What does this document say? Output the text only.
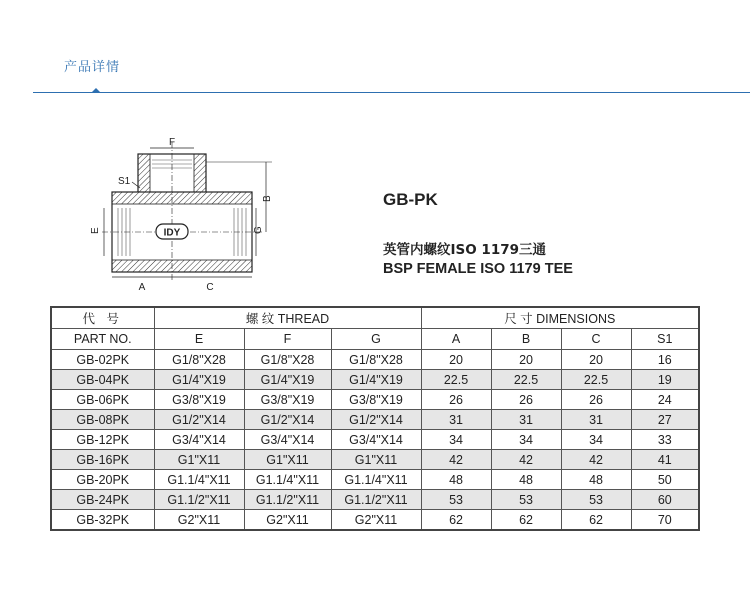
产品详情
IDY
F
S1
B
G
E
A	C
GB-PK
英管内螺纹ISO 1179三通
BSP FEMALE ISO 1179 TEE
代 号	螺 纹 THREAD			尺 寸 DIMENSIONS			
PART NO.	E	F	G	A	B	C	S1
GB-02PK	G1/8"X28	G1/8"X28	G1/8"X28	20	20	20	16
GB-04PK	G1/4"X19	G1/4"X19	G1/4"X19	22.5	22.5	22.5	19
GB-06PK	G3/8"X19	G3/8"X19	G3/8"X19	26	26	26	24
GB-08PK	G1/2"X14	G1/2"X14	G1/2"X14	31	31	31	27
GB-12PK	G3/4"X14	G3/4"X14	G3/4"X14	34	34	34	33
GB-16PK	G1"X11	G1"X11	G1"X11	42	42	42	41
GB-20PK	G1.1/4"X11	G1.1/4"X11	G1.1/4"X11	48	48	48	50
GB-24PK	G1.1/2"X11	G1.1/2"X11	G1.1/2"X11	53	53	53	60
GB-32PK	G2"X11	G2"X11	G2"X11	62	62	62	70
